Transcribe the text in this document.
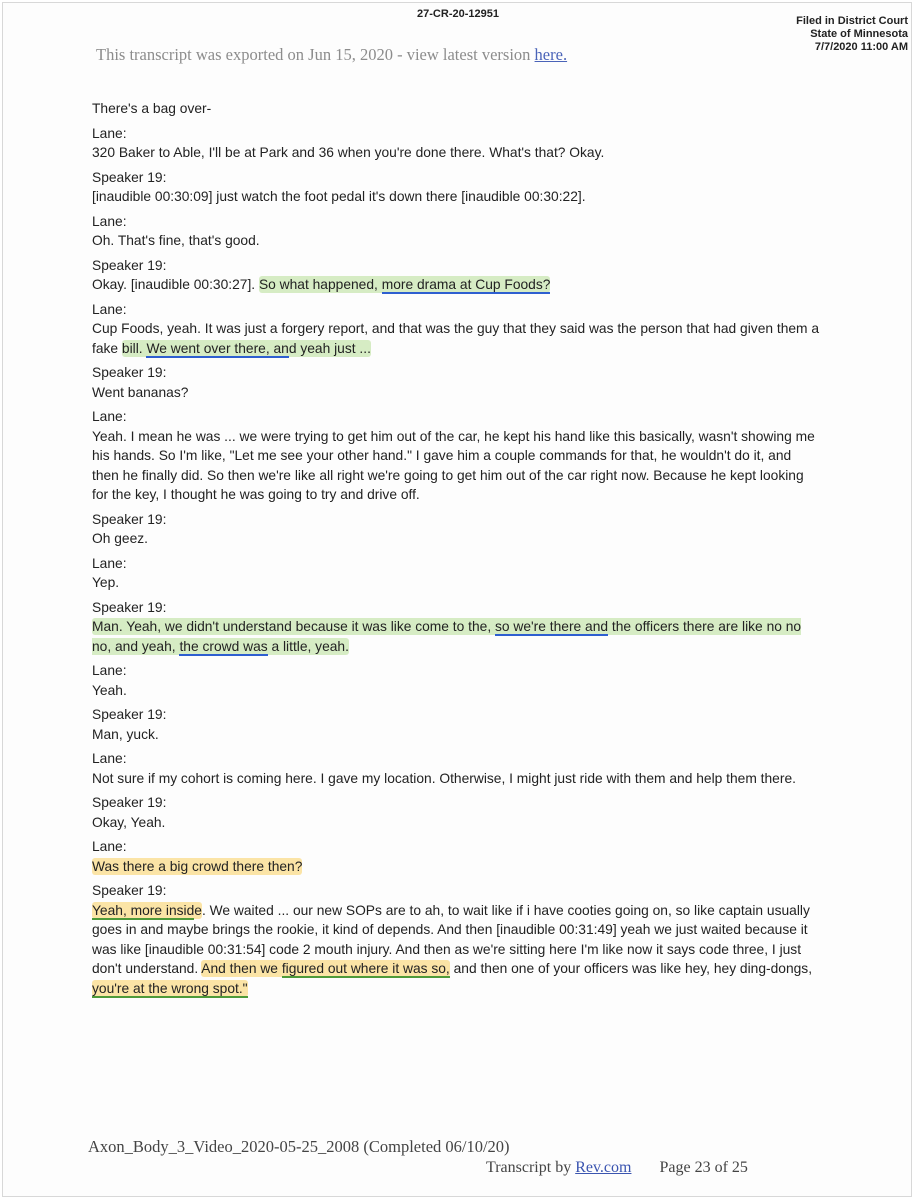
27-CR-20-12951
Filed in District Court
State of Minnesota
7/7/2020 11:00 AM
This transcript was exported on Jun 15, 2020 - view latest version here.

There's a bag over-

Lane:

320 Baker to Able, I'll be at Park and 36 when you're done there. What's that? Okay.

Speaker 19:

[inaudible 00:30:09] just watch the foot pedal it's down there [inaudible 00:30:22].

Lane:

Oh. That's fine, that's good.

Speaker 19:

Okay. [inaudible 00:30:27]. So what happened, more drama at Cup Foods?

Lane:

Cup Foods, yeah. It was just a forgery report, and that was the guy that they said was the person that had given them a fake bill. We went over there, and yeah just ...

Speaker 19:

Went bananas?

Lane:

Yeah. I mean he was ... we were trying to get him out of the car, he kept his hand like this basically, wasn't showing me his hands. So I'm like, "Let me see your other hand." I gave him a couple commands for that, he wouldn't do it, and then he finally did. So then we're like all right we're going to get him out of the car right now. Because he kept looking for the key, I thought he was going to try and drive off.

Speaker 19:

Oh geez.

Lane:

Yep.

Speaker 19:

Man. Yeah, we didn't understand because it was like come to the, so we're there and the officers there are like no no no, and yeah, the crowd was a little, yeah.

Lane:

Yeah.

Speaker 19:

Man, yuck.

Lane:

Not sure if my cohort is coming here. I gave my location. Otherwise, I might just ride with them and help them there.

Speaker 19:

Okay, Yeah.

Lane:

Was there a big crowd there then?

Speaker 19:

Yeah, more inside. We waited ... our new SOPs are to ah, to wait like if i have cooties going on, so like captain usually goes in and maybe brings the rookie, it kind of depends. And then [inaudible 00:31:49] yeah we just waited because it was like [inaudible 00:31:54] code 2 mouth injury. And then as we're sitting here I'm like now it says code three, I just don't understand. And then we figured out where it was so, and then one of your officers was like hey, hey ding-dongs, you're at the wrong spot."

Axon_Body_3_Video_2020-05-25_2008 (Completed 06/10/20)
Transcript by Rev.com Page 23 of 25
